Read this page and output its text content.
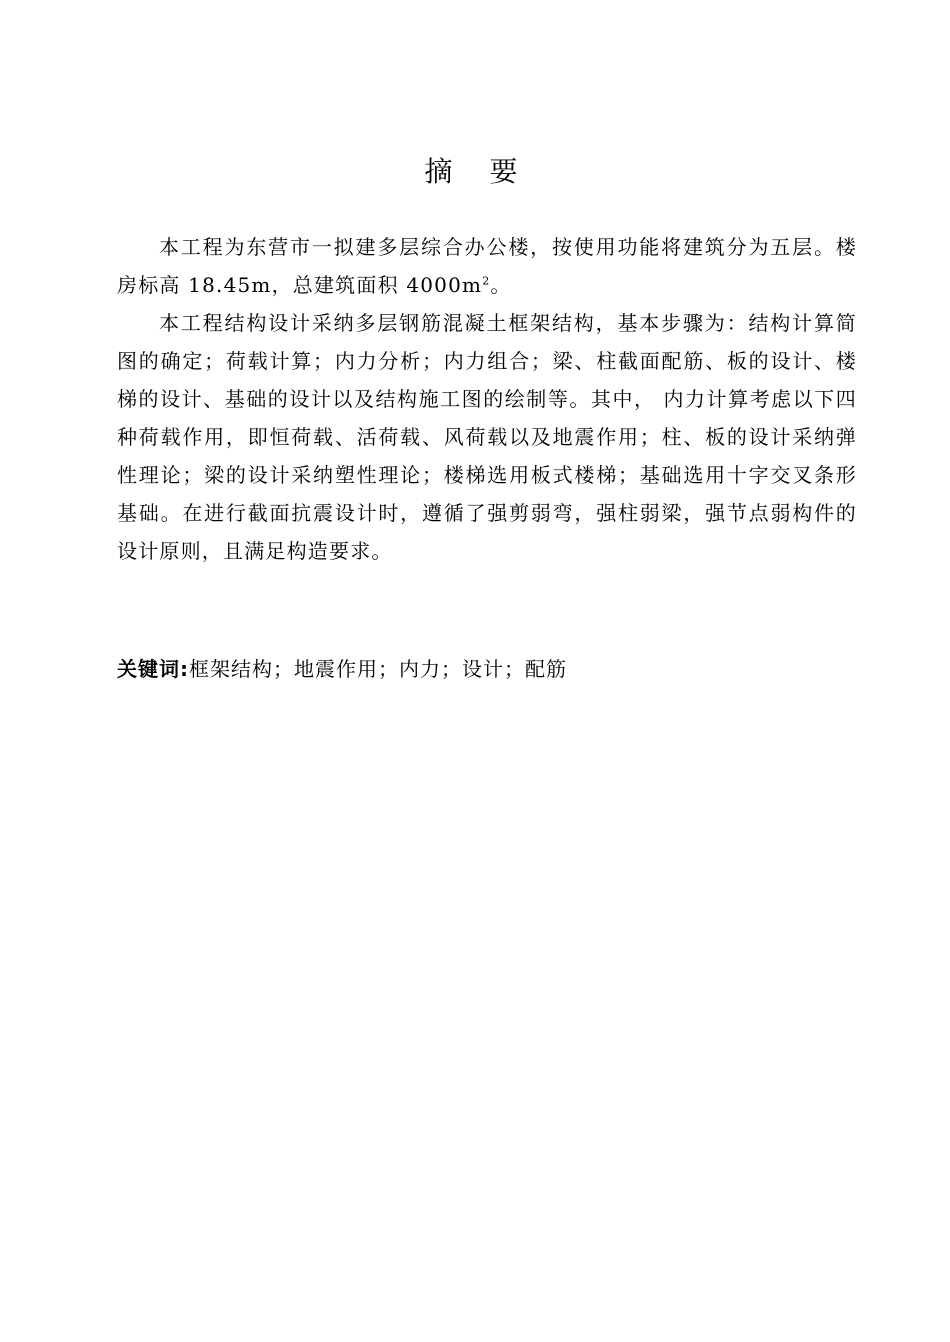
摘 要

本工程为东营市一拟建多层综合办公楼，按使用功能将建筑分为五层。楼房标高 18.45m，总建筑面积 $4000m^2$。

本工程结构设计采纳多层钢筋混凝土框架结构，基本步骤为：结构计算简图的确定；荷载计算；内力分析；内力组合；梁、柱截面配筋、板的设计、楼梯的设计、基础的设计以及结构施工图的绘制等。其中， 内力计算考虑以下四种荷载作用，即恒荷载、活荷载、风荷载以及地震作用；柱、板的设计采纳弹性理论；梁的设计采纳塑性理论；楼梯选用板式楼梯；基础选用十字交叉条形基础。在进行截面抗震设计时，遵循了强剪弱弯，强柱弱梁，强节点弱构件的设计原则，且满足构造要求。

关键词:框架结构；地震作用；内力；设计；配筋
